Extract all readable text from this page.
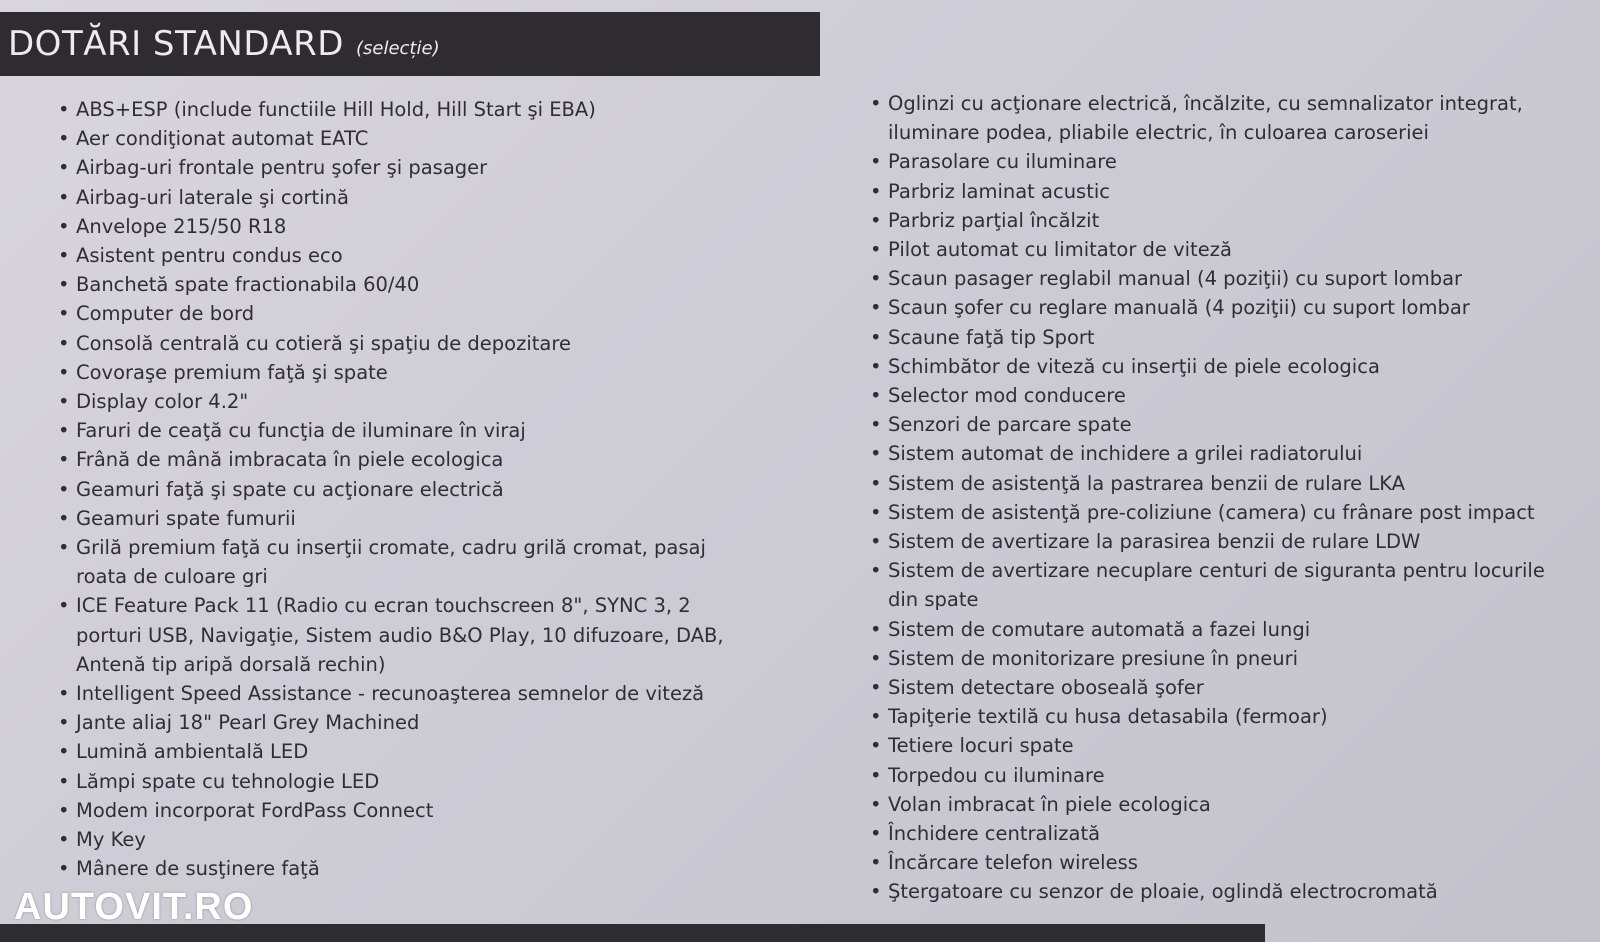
DOTĂRI STANDARD (selecție)
• ABS+ESP (include functiile Hill Hold, Hill Start şi EBA)
• Aer condiţionat automat EATC
• Airbag-uri frontale pentru şofer şi pasager
• Airbag-uri laterale şi cortină
• Anvelope 215/50 R18
• Asistent pentru condus eco
• Banchetă spate fractionabila 60/40
• Computer de bord
• Consolă centrală cu cotieră şi spaţiu de depozitare
• Covoraşe premium faţă şi spate
• Display color 4.2"
• Faruri de ceaţă cu funcţia de iluminare în viraj
• Frână de mână imbracata în piele ecologica
• Geamuri faţă şi spate cu acţionare electrică
• Geamuri spate fumurii
• Grilă premium faţă cu inserţii cromate, cadru grilă cromat, pasaj roata de culoare gri
• ICE Feature Pack 11 (Radio cu ecran touchscreen 8", SYNC 3, 2 porturi USB, Navigaţie, Sistem audio B&O Play, 10 difuzoare, DAB, Antenă tip aripă dorsală rechin)
• Intelligent Speed Assistance - recunoaşterea semnelor de viteză
• Jante aliaj 18" Pearl Grey Machined
• Lumină ambientală LED
• Lămpi spate cu tehnologie LED
• Modem incorporat FordPass Connect
• My Key
• Mânere de susţinere faţă
• Oglinzi cu acţionare electrică, încălzite, cu semnalizator integrat, iluminare podea, pliabile electric, în culoarea caroseriei
• Parasolare cu iluminare
• Parbriz laminat acustic
• Parbriz parţial încălzit
• Pilot automat cu limitator de viteză
• Scaun pasager reglabil manual (4 poziţii) cu suport lombar
• Scaun şofer cu reglare manuală (4 poziţii) cu suport lombar
• Scaune faţă tip Sport
• Schimbător de viteză cu inserţii de piele ecologica
• Selector mod conducere
• Senzori de parcare spate
• Sistem automat de inchidere a grilei radiatorului
• Sistem de asistenţă la pastrarea benzii de rulare LKA
• Sistem de asistenţă pre-coliziune (camera) cu frânare post impact
• Sistem de avertizare la parasirea benzii de rulare LDW
• Sistem de avertizare necuplare centuri de siguranta pentru locurile din spate
• Sistem de comutare automată a fazei lungi
• Sistem de monitorizare presiune în pneuri
• Sistem detectare oboseală şofer
• Tapiţerie textilă cu husa detasabila (fermoar)
• Tetiere locuri spate
• Torpedou cu iluminare
• Volan imbracat în piele ecologica
• Închidere centralizată
• Încărcare telefon wireless
• Ştergatoare cu senzor de ploaie, oglindă electrocromată
AUTOVIT.RO
